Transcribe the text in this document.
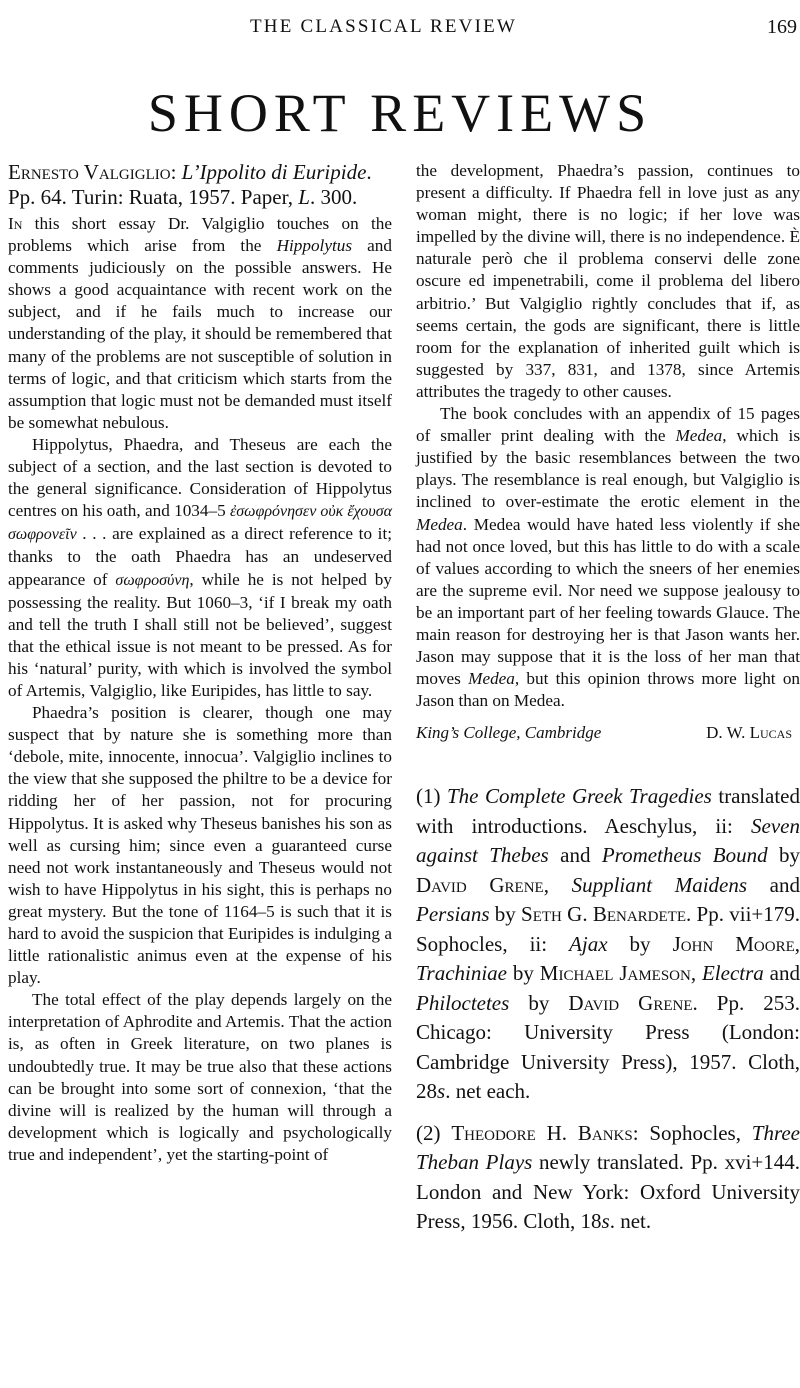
THE CLASSICAL REVIEW	169
SHORT REVIEWS

Ernesto Valgiglio: L’Ippolito di Euripide. Pp. 64. Turin: Ruata, 1957. Paper, L. 300.

In this short essay Dr. Valgiglio touches on the problems which arise from the Hippolytus and comments judiciously on the possible answers. He shows a good acquaintance with recent work on the subject, and if he fails much to increase our understanding of the play, it should be remembered that many of the problems are not susceptible of solution in terms of logic, and that criticism which starts from the assumption that logic must not be demanded must itself be somewhat nebulous.

Hippolytus, Phaedra, and Theseus are each the subject of a section, and the last section is devoted to the general significance. Consideration of Hippolytus centres on his oath, and 1034–5 ἐσωφρόνησεν οὐκ ἔχουσα σωφρονεῖν . . . are explained as a direct reference to it; thanks to the oath Phaedra has an undeserved appearance of σωφροσύνη, while he is not helped by possessing the reality. But 1060–3, ‘if I break my oath and tell the truth I shall still not be believed’, suggest that the ethical issue is not meant to be pressed. As for his ‘natural’ purity, with which is involved the symbol of Artemis, Valgiglio, like Euripides, has little to say.

Phaedra’s position is clearer, though one may suspect that by nature she is something more than ‘debole, mite, innocente, innocua’. Valgiglio inclines to the view that she supposed the philtre to be a device for ridding her of her passion, not for procuring Hippolytus. It is asked why Theseus banishes his son as well as cursing him; since even a guaranteed curse need not work instantaneously and Theseus would not wish to have Hippolytus in his sight, this is perhaps no great mystery. But the tone of 1164–5 is such that it is hard to avoid the suspicion that Euripides is indulging a little rationalistic animus even at the expense of his play.

The total effect of the play depends largely on the interpretation of Aphrodite and Artemis. That the action is, as often in Greek literature, on two planes is undoubtedly true. It may be true also that these actions can be brought into some sort of connexion, ‘that the divine will is realized by the human will through a development which is logically and psychologically true and independent’, yet the starting-point of

the development, Phaedra’s passion, continues to present a difficulty. If Phaedra fell in love just as any woman might, there is no logic; if her love was impelled by the divine will, there is no independence. È naturale però che il problema conservi delle zone oscure ed impenetrabili, come il problema del libero arbitrio.’ But Valgiglio rightly concludes that if, as seems certain, the gods are significant, there is little room for the explanation of inherited guilt which is suggested by 337, 831, and 1378, since Artemis attributes the tragedy to other causes.

The book concludes with an appendix of 15 pages of smaller print dealing with the Medea, which is justified by the basic resemblances between the two plays. The resemblance is real enough, but Valgiglio is inclined to over-estimate the erotic element in the Medea. Medea would have hated less violently if she had not once loved, but this has little to do with a scale of values according to which the sneers of her enemies are the supreme evil. Nor need we suppose jealousy to be an important part of her feeling towards Glauce. The main reason for destroying her is that Jason wants her. Jason may suppose that it is the loss of her man that moves Medea, but this opinion throws more light on Jason than on Medea.

King’s College, Cambridge	D. W. Lucas

(1) The Complete Greek Tragedies translated with introductions. Aeschylus, ii: Seven against Thebes and Prometheus Bound by David Grene, Suppliant Maidens and Persians by Seth G. Benardete. Pp. vii+179. Sophocles, ii: Ajax by John Moore, Trachiniae by Michael Jameson, Electra and Philoctetes by David Grene. Pp. 253. Chicago: University Press (London: Cambridge University Press), 1957. Cloth, 28s. net each.

(2) Theodore H. Banks: Sophocles, Three Theban Plays newly translated. Pp. xvi+144. London and New York: Oxford University Press, 1956. Cloth, 18s. net.
